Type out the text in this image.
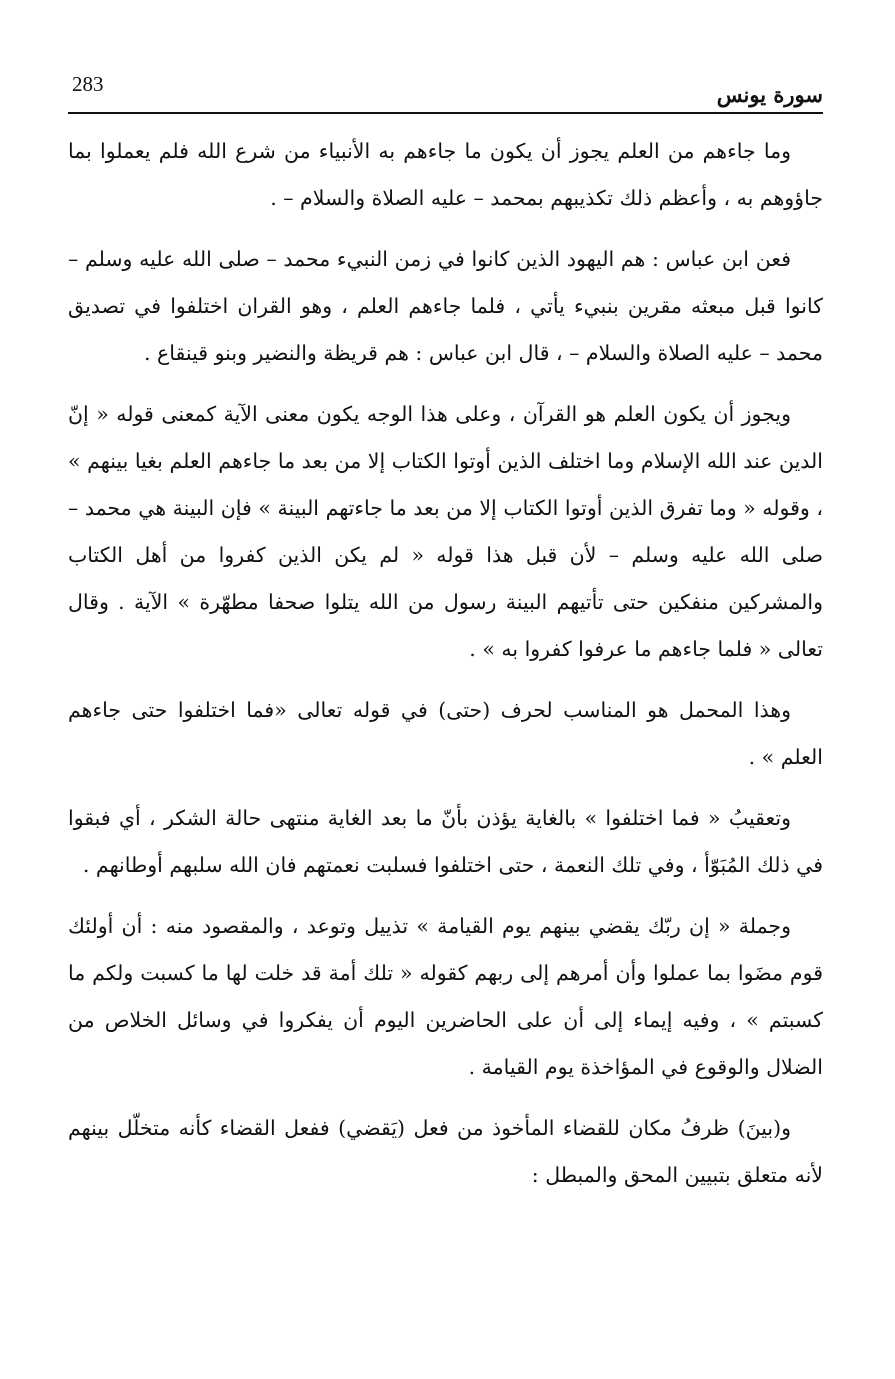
283	سورة يونس

وما جاءهم من العلم يجوز أن يكون ما جاءهم به الأنبياء من شرع الله فلم يعملوا بما جاؤوهم به ، وأعظم ذلك تكذيبهم بمحمد – عليه الصلاة والسلام – .

فعن ابن عباس : هم اليهود الذين كانوا في زمن النبيء محمد – صلى الله عليه وسلم – كانوا قبل مبعثه مقرين بنبيء يأتي ، فلما جاءهم العلم ، وهو القران اختلفوا في تصديق محمد – عليه الصلاة والسلام – ، قال ابن عباس : هم قريظة والنضير وبنو قينقاع .

ويجوز أن يكون العلم هو القرآن ، وعلى هذا الوجه يكون معنى الآية كمعنى قوله « إنّ الدين عند الله الإسلام وما اختلف الذين أوتوا الكتاب إلا من بعد ما جاءهم العلم بغيا بينهم » ، وقوله « وما تفرق الذين أوتوا الكتاب إلا من بعد ما جاءتهم البينة » فإن البينة هي محمد – صلى الله عليه وسلم – لأن قبل هذا قوله « لم يكن الذين كفروا من أهل الكتاب والمشركين منفكين حتى تأتيهم البينة رسول من الله يتلوا صحفا مطهّرة » الآية . وقال تعالى « فلما جاءهم ما عرفوا كفروا به » .

وهذا المحمل هو المناسب لحرف (حتى) في قوله تعالى «فما اختلفوا حتى جاءهم العلم » .

وتعقيبُ « فما اختلفوا » بالغاية يؤذن بأنّ ما بعد الغاية منتهى حالة الشكر ، أي فبقوا في ذلك المُبَوّأ ، وفي تلك النعمة ، حتى اختلفوا فسلبت نعمتهم فان الله سلبهم أوطانهم .

وجملة « إن ربّك يقضي بينهم يوم القيامة » تذييل وتوعد ، والمقصود منه : أن أولئك قوم مضَوا بما عملوا وأن أمرهم إلى ربهم كقوله « تلك أمة قد خلت لها ما كسبت ولكم ما كسبتم » ، وفيه إيماء إلى أن على الحاضرين اليوم أن يفكروا في وسائل الخلاص من الضلال والوقوع في المؤاخذة يوم القيامة .

و(بينَ) ظرفُ مكان للقضاء المأخوذ من فعل (يَقضي) ففعل القضاء كأنه متخلّل بينهم لأنه متعلق بتبيين المحق والمبطل :
